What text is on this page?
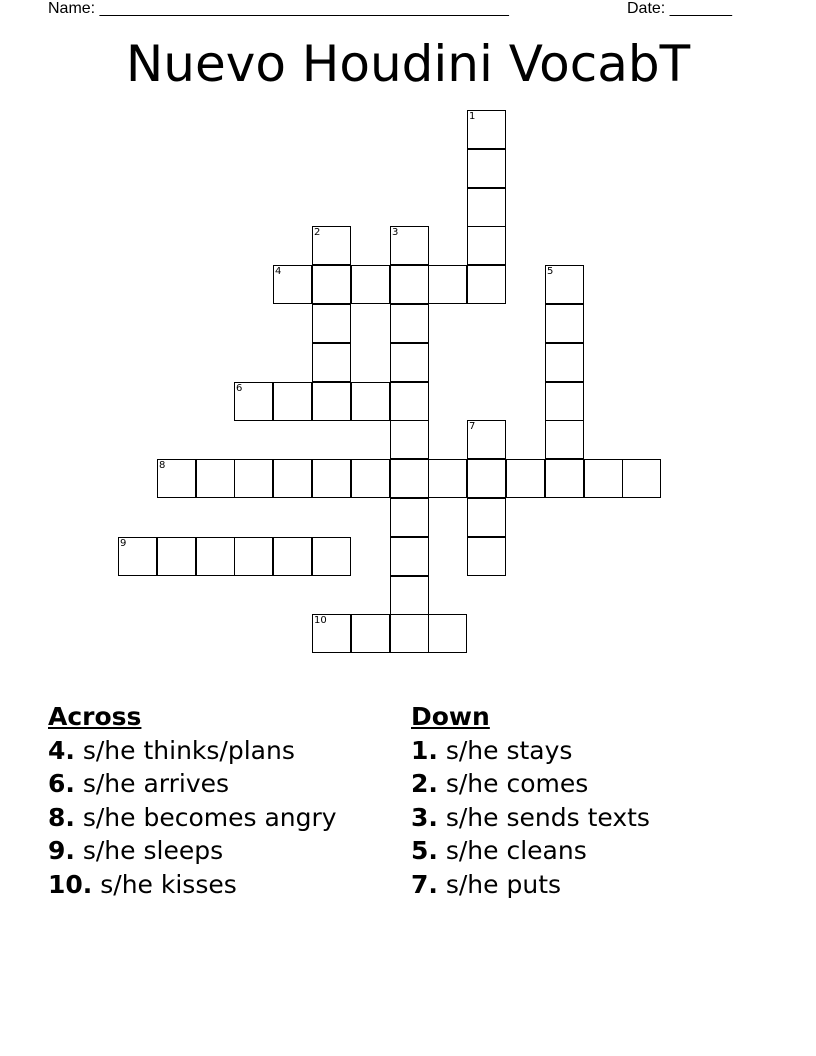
Name: ______________________________________________	Date: _______
Nuevo Houdini VocabT
1
2	3
4	5
6
7
8
9
10
Across
4. s/he thinks/plans
6. s/he arrives
8. s/he becomes angry
9. s/he sleeps
10. s/he kisses
Down
1. s/he stays
2. s/he comes
3. s/he sends texts
5. s/he cleans
7. s/he puts
